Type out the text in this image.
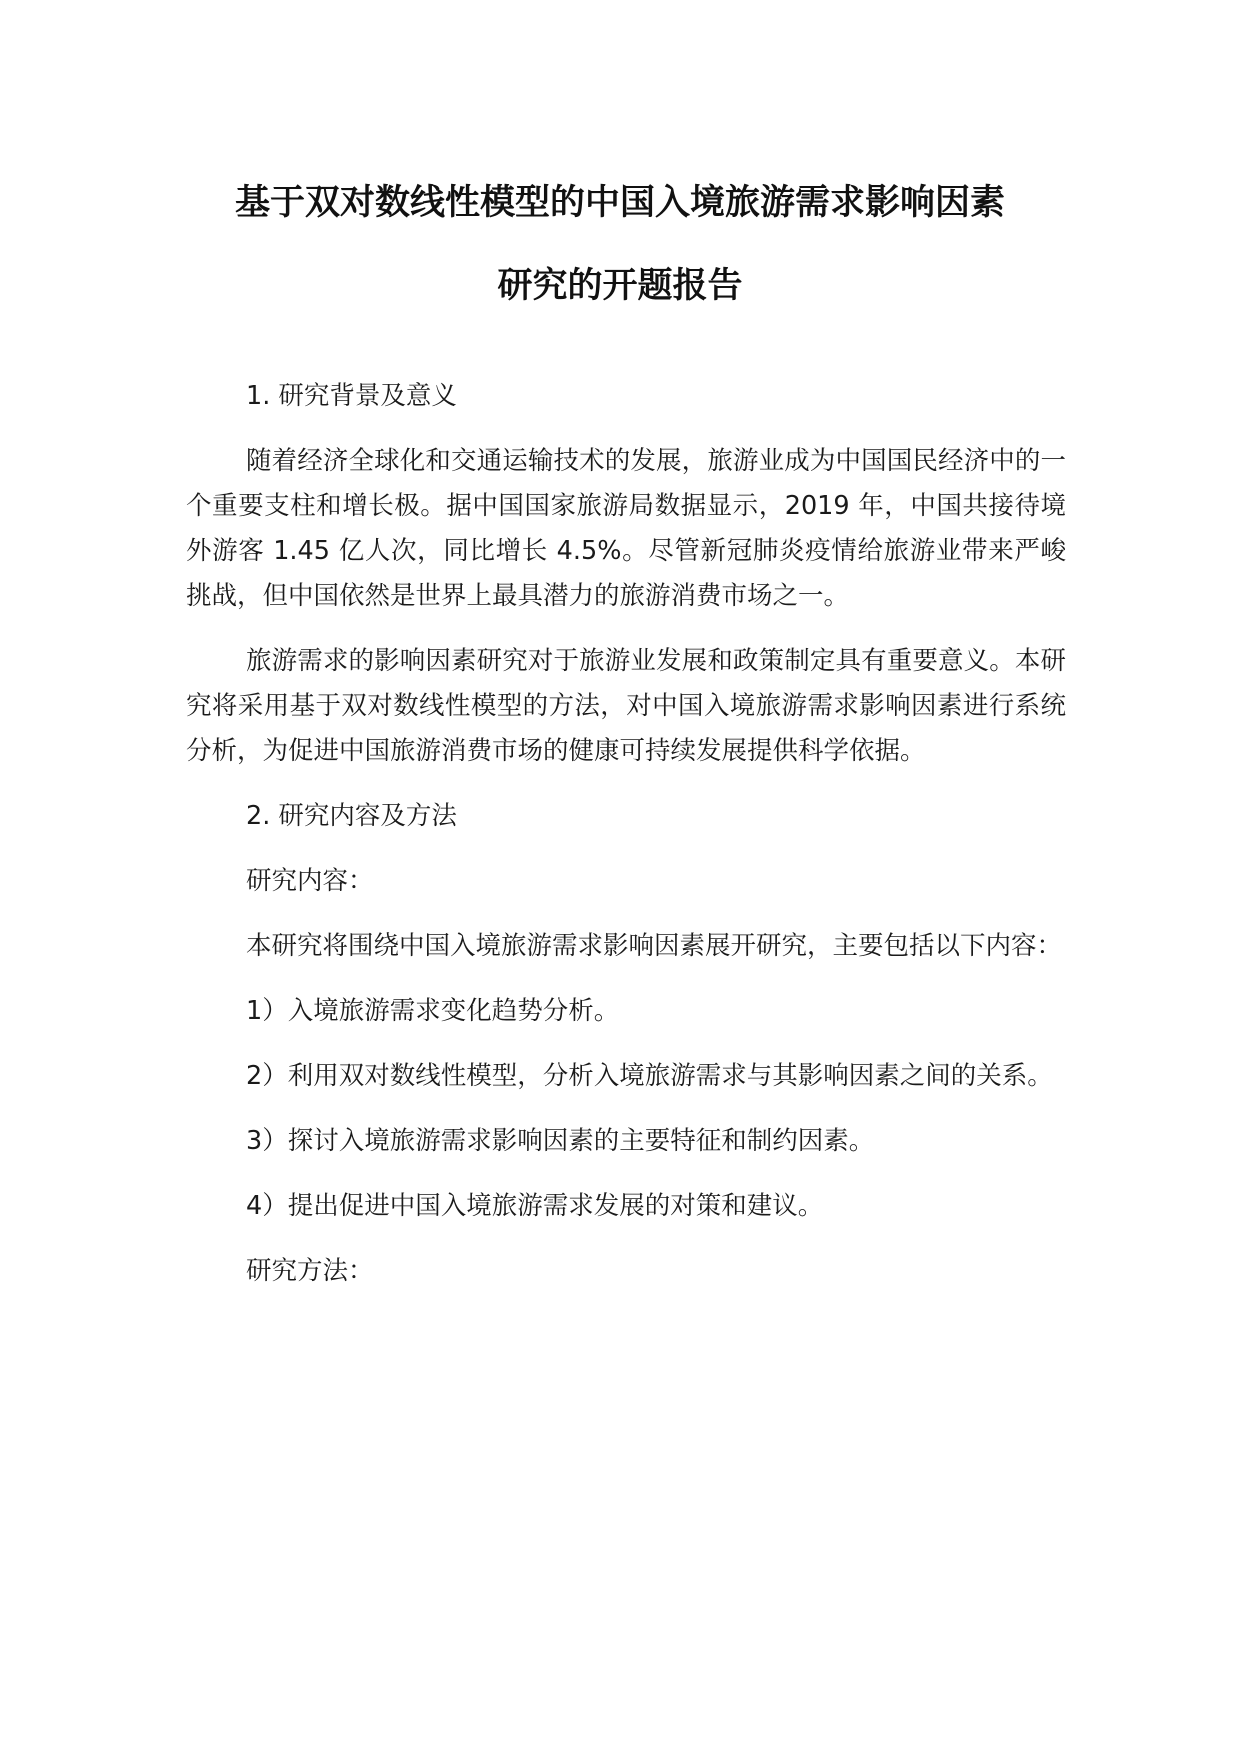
基于双对数线性模型的中国入境旅游需求影响因素
研究的开题报告

1. 研究背景及意义

随着经济全球化和交通运输技术的发展，旅游业成为中国国民经济中的一个重要支柱和增长极。据中国国家旅游局数据显示，2019 年，中国共接待境外游客 1.45 亿人次，同比增长 4.5%。尽管新冠肺炎疫情给旅游业带来严峻挑战，但中国依然是世界上最具潜力的旅游消费市场之一。

旅游需求的影响因素研究对于旅游业发展和政策制定具有重要意义。本研究将采用基于双对数线性模型的方法，对中国入境旅游需求影响因素进行系统分析，为促进中国旅游消费市场的健康可持续发展提供科学依据。

2. 研究内容及方法

研究内容：

本研究将围绕中国入境旅游需求影响因素展开研究，主要包括以下内容：

1）入境旅游需求变化趋势分析。

2）利用双对数线性模型，分析入境旅游需求与其影响因素之间的关系。

3）探讨入境旅游需求影响因素的主要特征和制约因素。

4）提出促进中国入境旅游需求发展的对策和建议。

研究方法：
